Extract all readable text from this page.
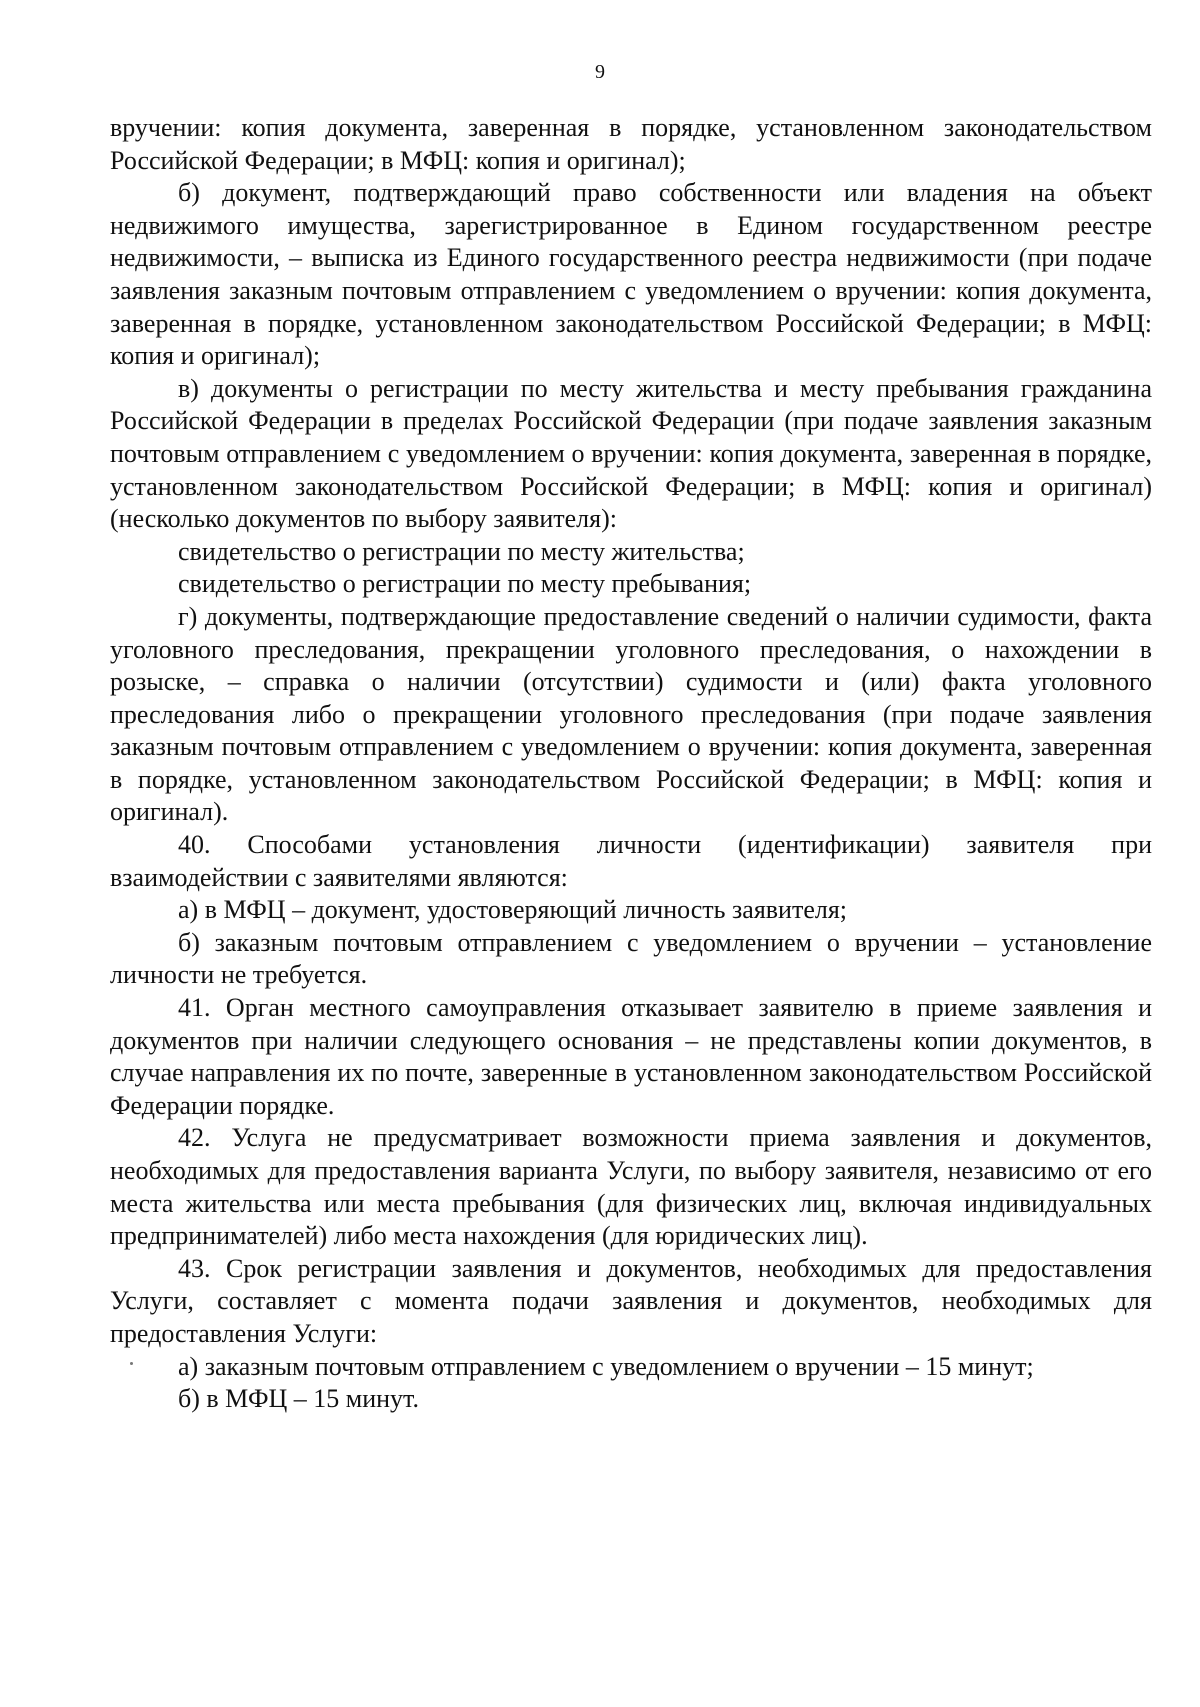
9

вручении: копия документа, заверенная в порядке, установленном законодательством Российской Федерации; в МФЦ: копия и оригинал);

б) документ, подтверждающий право собственности или владения на объект недвижимого имущества, зарегистрированное в Едином государственном реестре недвижимости, – выписка из Единого государственного реестра недвижимости (при подаче заявления заказным почтовым отправлением с уведомлением о вручении: копия документа, заверенная в порядке, установленном законодательством Российской Федерации; в МФЦ: копия и оригинал);

в) документы о регистрации по месту жительства и месту пребывания гражданина Российской Федерации в пределах Российской Федерации (при подаче заявления заказным почтовым отправлением с уведомлением о вручении: копия документа, заверенная в порядке, установленном законодательством Российской Федерации; в МФЦ: копия и оригинал) (несколько документов по выбору заявителя):

свидетельство о регистрации по месту жительства;

свидетельство о регистрации по месту пребывания;

г) документы, подтверждающие предоставление сведений о наличии судимости, факта уголовного преследования, прекращении уголовного преследования, о нахождении в розыске, – справка о наличии (отсутствии) судимости и (или) факта уголовного преследования либо о прекращении уголовного преследования (при подаче заявления заказным почтовым отправлением с уведомлением о вручении: копия документа, заверенная в порядке, установленном законодательством Российской Федерации; в МФЦ: копия и оригинал).

40. Способами установления личности (идентификации) заявителя при взаимодействии с заявителями являются:

а) в МФЦ – документ, удостоверяющий личность заявителя;

б) заказным почтовым отправлением с уведомлением о вручении – установление личности не требуется.

41. Орган местного самоуправления отказывает заявителю в приеме заявления и документов при наличии следующего основания – не представлены копии документов, в случае направления их по почте, заверенные в установленном законодательством Российской Федерации порядке.

42. Услуга не предусматривает возможности приема заявления и документов, необходимых для предоставления варианта Услуги, по выбору заявителя, независимо от его места жительства или места пребывания (для физических лиц, включая индивидуальных предпринимателей) либо места нахождения (для юридических лиц).

43. Срок регистрации заявления и документов, необходимых для предоставления Услуги, составляет с момента подачи заявления и документов, необходимых для предоставления Услуги:

а) заказным почтовым отправлением с уведомлением о вручении – 15 минут;

б) в МФЦ – 15 минут.
